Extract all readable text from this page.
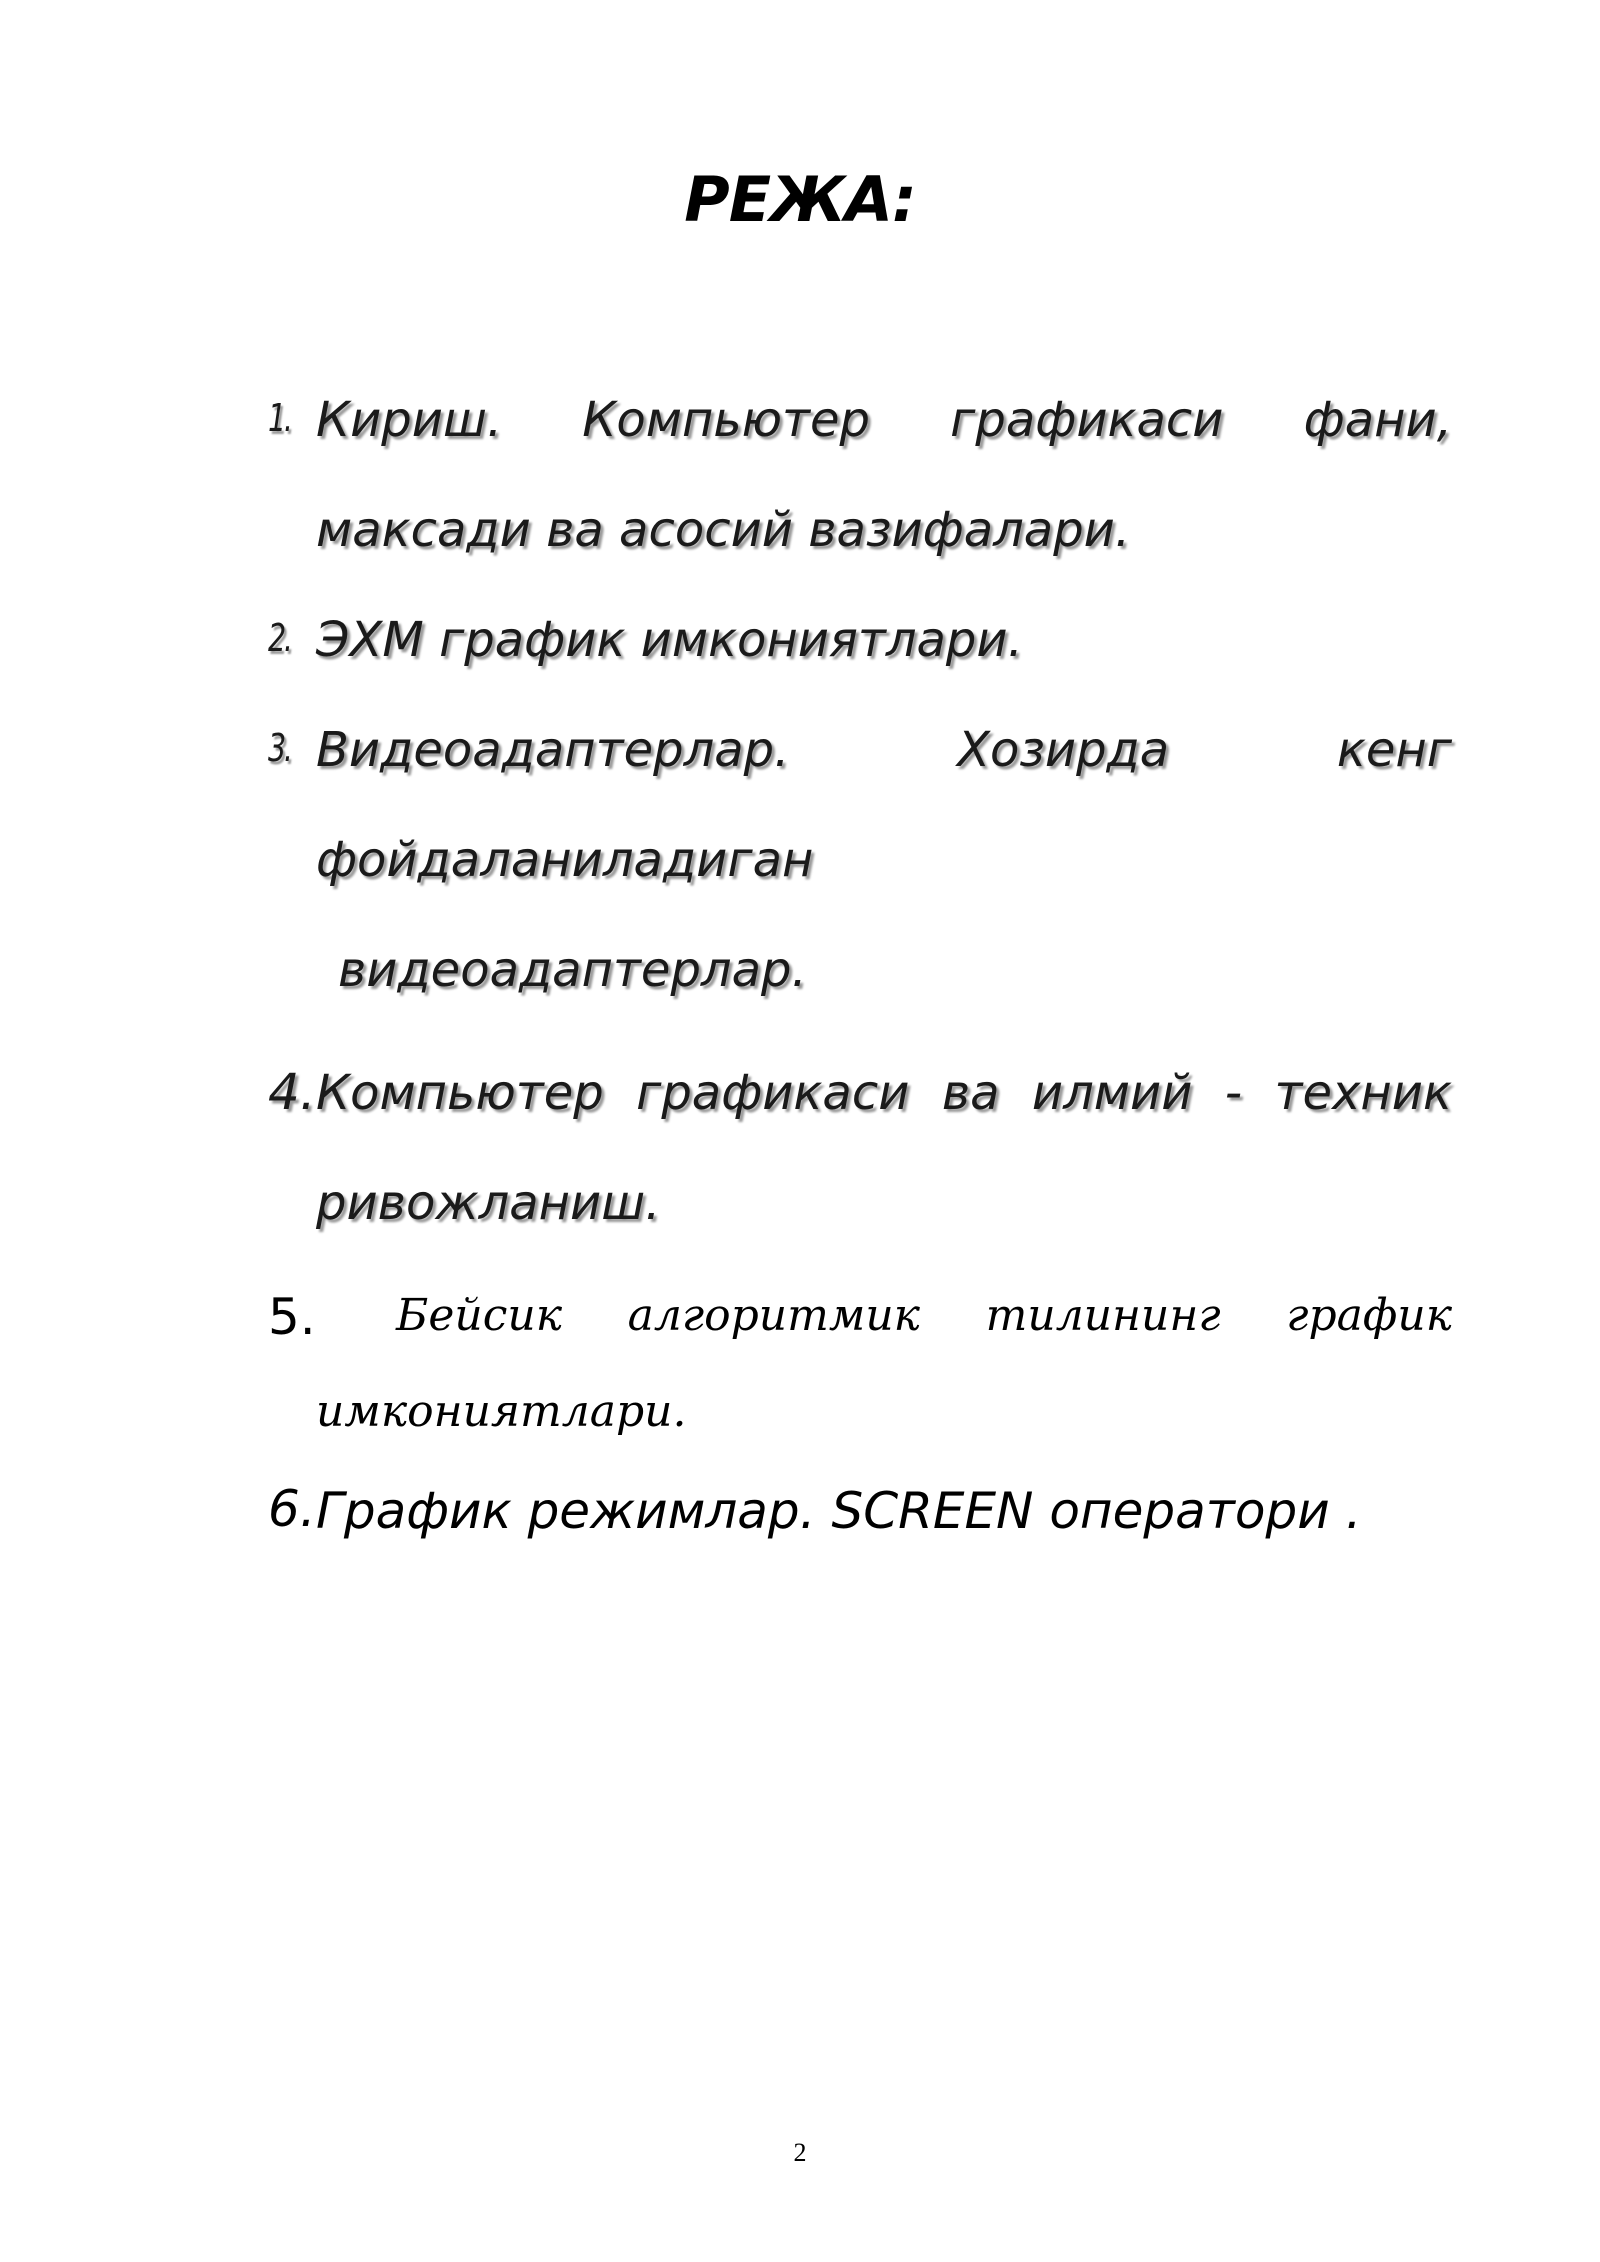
РЕЖА:
1. Кириш. Компьютер графикаси фани,
максади ва асосий вазифалари.
2. ЭХМ график имкониятлари.
3. Видеоадаптерлар.	Хозирда	кенг
фойдаланиладиган
видеоадаптерлар.
4. Компьютер графикаси ва илмий - техник
ривожланиш.
5. Бейсик алгоритмик тилининг график
имкониятлари.
6. График режимлар. SCREEN оператори .
2
